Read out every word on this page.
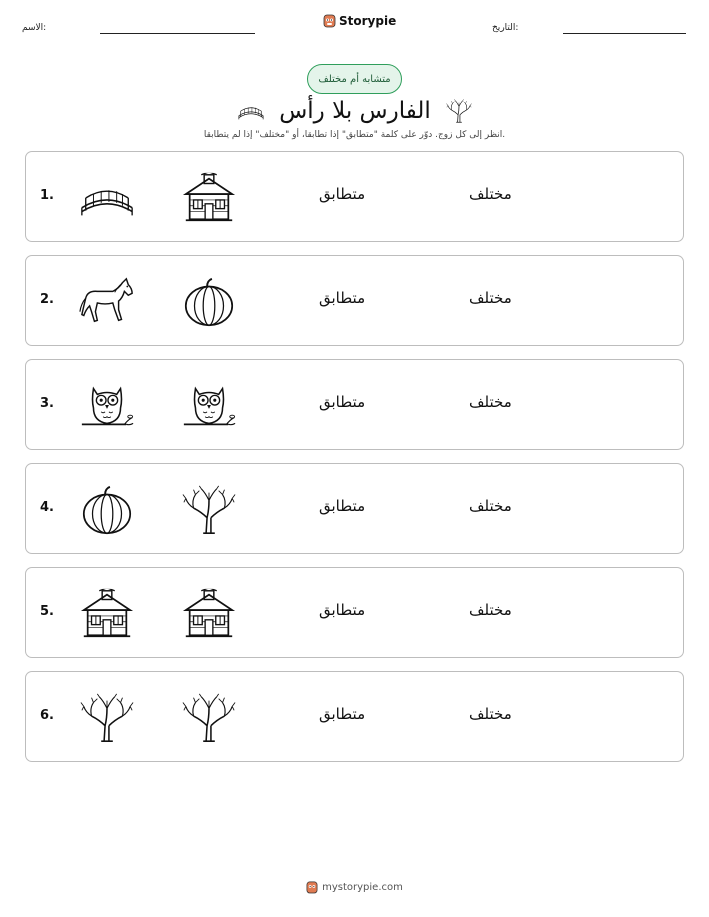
الاسم:
Storypie
التاريخ:
متشابه أم مختلف
الفارس بلا رأس
انظر إلى كل زوج. دوّر على كلمة "متطابق" إذا تطابقا، أو "مختلف" إذا لم يتطابقا.
1.	متطابق	مختلف
2.	متطابق	مختلف
3.	متطابق	مختلف
4.	متطابق	مختلف
5.	متطابق	مختلف
6.	متطابق	مختلف
mystorypie.com
